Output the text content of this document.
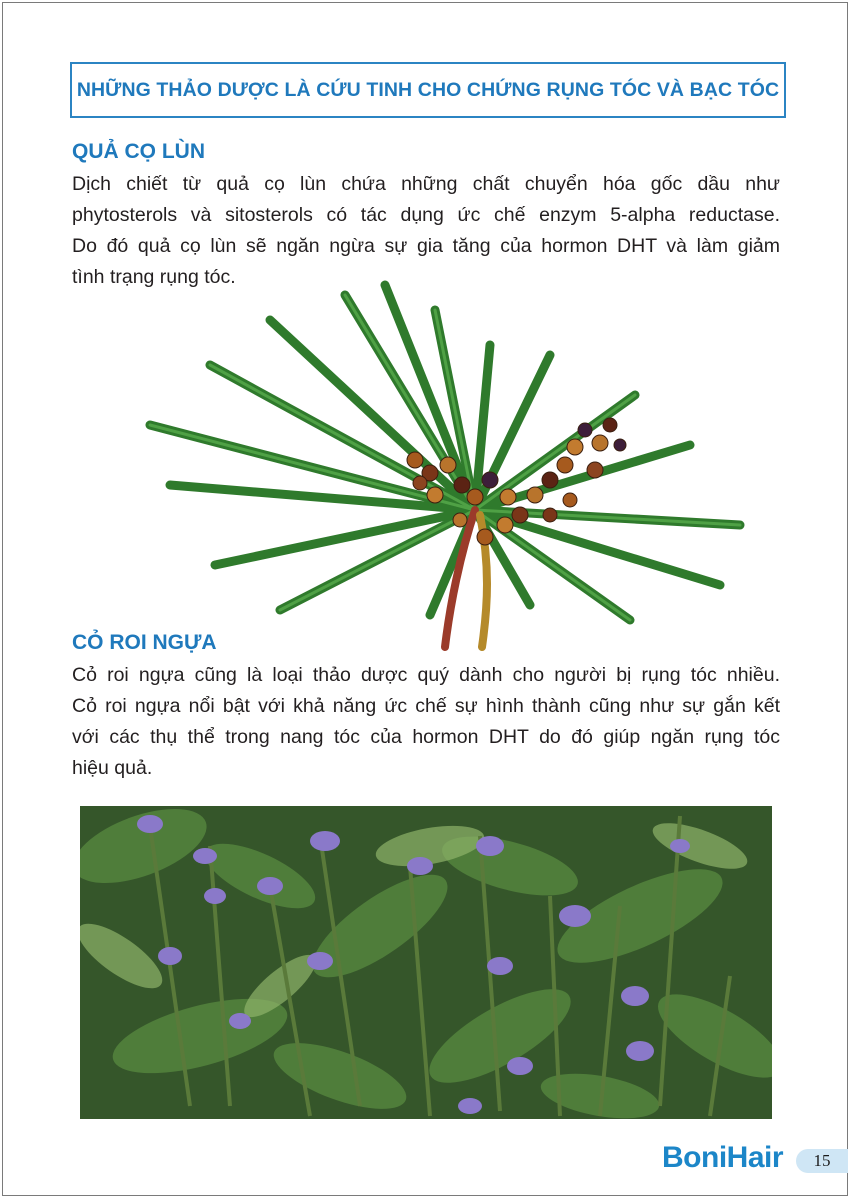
NHỮNG THẢO DƯỢC LÀ CỨU TINH CHO CHỨNG RỤNG TÓC VÀ BẠC TÓC
QUẢ CỌ LÙN
Dịch chiết từ quả cọ lùn chứa những chất chuyển hóa gốc dầu như
phytosterols và sitosterols có tác dụng ức chế enzym 5-alpha reductase.
Do đó quả cọ lùn sẽ ngăn ngừa sự gia tăng của hormon DHT và làm giảm
tình trạng rụng tóc.
CỎ ROI NGỰA
Cỏ roi ngựa cũng là loại thảo dược quý dành cho người bị rụng tóc nhiều.
Cỏ roi ngựa nổi bật với khả năng ức chế sự hình thành cũng như sự gắn kết
với các thụ thể trong nang tóc của hormon DHT do đó giúp ngăn rụng tóc
hiệu quả.
BoniHair	15
